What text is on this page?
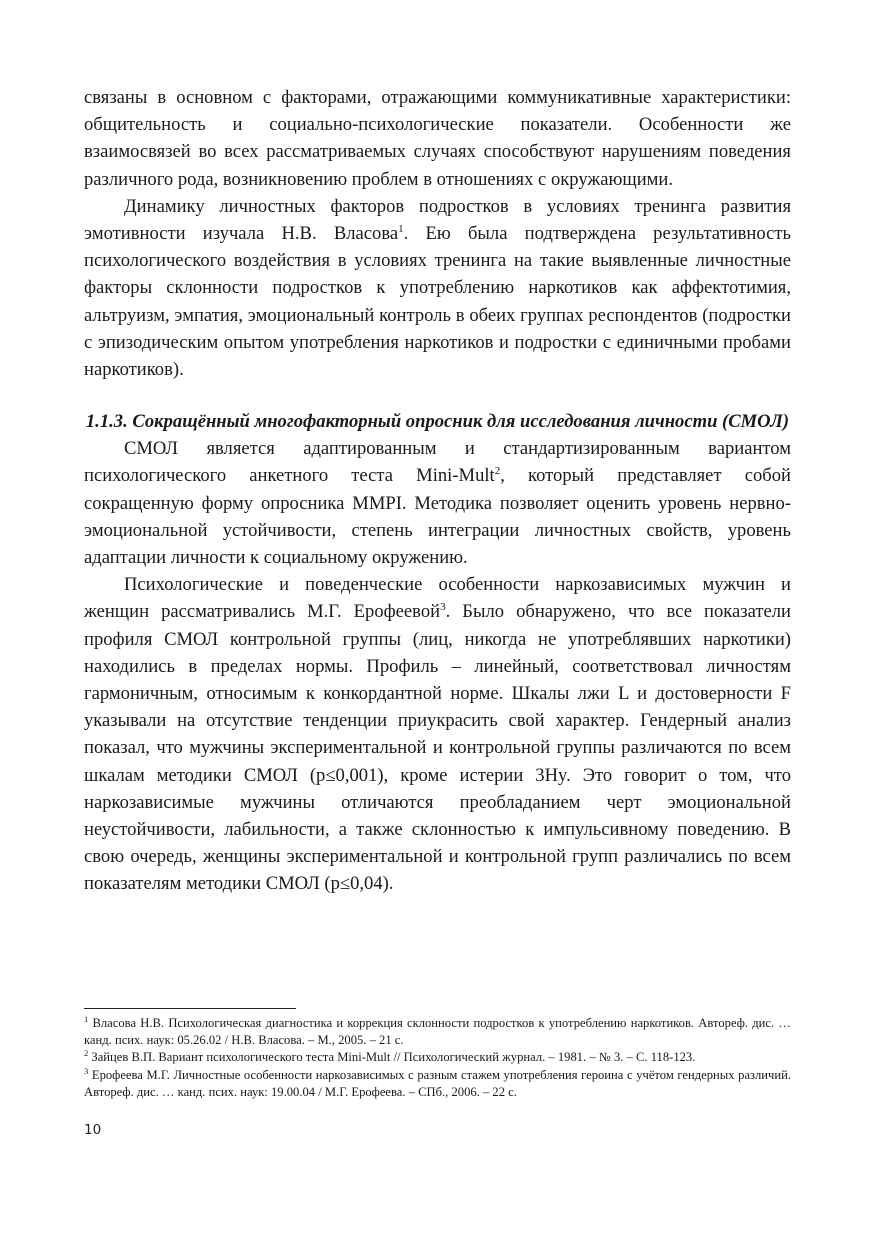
связаны в основном с факторами, отражающими коммуникативные характеристики: общительность и социально-психологические показатели. Особенности же взаимосвязей во всех рассматриваемых случаях способствуют нарушениям поведения различного рода, возникновению проблем в отношениях с окружающими.

Динамику личностных факторов подростков в условиях тренинга развития эмотивности изучала Н.В. Власова$^1$. Ею была подтверждена результативность психологического воздействия в условиях тренинга на такие выявленные личностные факторы склонности подростков к употреблению наркотиков как аффектотимия, альтруизм, эмпатия, эмоциональный контроль в обеих группах респондентов (подростки с эпизодическим опытом употребления наркотиков и подростки с единичными пробами наркотиков).

1.1.3. Сокращённый многофакторный опросник для исследования личности (СМОЛ)

СМОЛ является адаптированным и стандартизированным вариантом психологического анкетного теста Mini-Mult$^2$, который представляет собой сокращенную форму опросника MMPI. Методика позволяет оценить уровень нервно-эмоциональной устойчивости, степень интеграции личностных свойств, уровень адаптации личности к социальному окружению.

Психологические и поведенческие особенности наркозависимых мужчин и женщин рассматривались М.Г. Ерофеевой$^3$. Было обнаружено, что все показатели профиля СМОЛ контрольной группы (лиц, никогда не употреблявших наркотики) находились в пределах нормы. Профиль – линейный, соответствовал личностям гармоничным, относимым к конкордантной норме. Шкалы лжи L и достоверности F указывали на отсутствие тенденции приукрасить свой характер. Гендерный анализ показал, что мужчины экспериментальной и контрольной группы различаются по всем шкалам методики СМОЛ (p≤0,001), кроме истерии 3Hy. Это говорит о том, что наркозависимые мужчины отличаются преобладанием черт эмоциональной неустойчивости, лабильности, а также склонностью к импульсивному поведению. В свою очередь, женщины экспериментальной и контрольной групп различались по всем показателям методики СМОЛ (p≤0,04).

$^1$ Власова Н.В. Психологическая диагностика и коррекция склонности подростков к употреблению наркотиков. Автореф. дис. … канд. псих. наук: 05.26.02 / Н.В. Власова. – М., 2005. – 21 с.

$^2$ Зайцев В.П. Вариант психологического теста Mini-Mult // Психологический журнал. – 1981. – № 3. – С. 118-123.

$^3$ Ерофеева М.Г. Личностные особенности наркозависимых с разным стажем употребления героина с учётом гендерных различий. Автореф. дис. … канд. псих. наук: 19.00.04 / М.Г. Ерофеева. – СПб., 2006. – 22 с.

10
